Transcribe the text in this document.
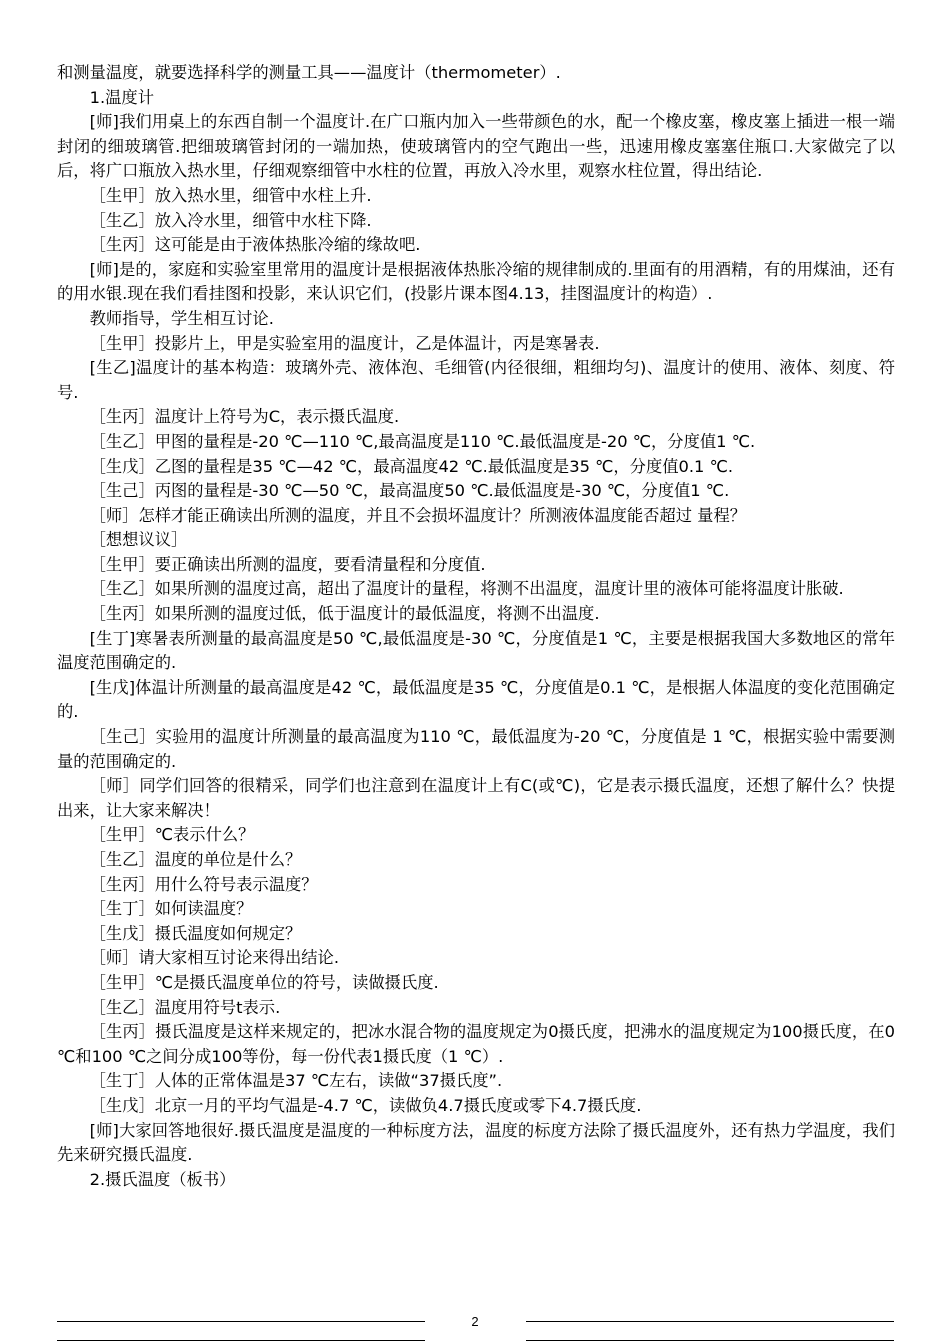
和测量温度，就要选择科学的测量工具——温度计（thermometer）.

1.温度计

[师]我们用桌上的东西自制一个温度计.在广口瓶内加入一些带颜色的水，配一个橡皮塞，橡皮塞上插进一根一端封闭的细玻璃管.把细玻璃管封闭的一端加热，使玻璃管内的空气跑出一些，迅速用橡皮塞塞住瓶口.大家做完了以后，将广口瓶放入热水里，仔细观察细管中水柱的位置，再放入冷水里，观察水柱位置，得出结论.

［生甲］放入热水里，细管中水柱上升.

［生乙］放入冷水里，细管中水柱下降.

［生丙］这可能是由于液体热胀冷缩的缘故吧.

[师]是的，家庭和实验室里常用的温度计是根据液体热胀冷缩的规律制成的.里面有的用酒精，有的用煤油，还有的用水银.现在我们看挂图和投影，来认识它们，(投影片课本图4.13，挂图温度计的构造）.

教师指导，学生相互讨论.

［生甲］投影片上，甲是实验室用的温度计，乙是体温计，丙是寒暑表.

[生乙]温度计的基本构造：玻璃外壳、液体泡、毛细管(内径很细，粗细均匀)、温度计的使用、液体、刻度、符号.

［生丙］温度计上符号为C，表示摄氏温度.

［生乙］甲图的量程是-20 ℃—110 ℃,最高温度是110 ℃.最低温度是-20 ℃，分度值1 ℃.

［生戊］乙图的量程是35 ℃—42 ℃，最高温度42 ℃.最低温度是35 ℃，分度值0.1 ℃.

［生己］丙图的量程是-30 ℃—50 ℃，最高温度50 ℃.最低温度是-30 ℃，分度值1 ℃.

［师］怎样才能正确读出所测的温度，并且不会损坏温度计？所测液体温度能否超过 量程？

［想想议议］

［生甲］要正确读出所测的温度，要看清量程和分度值.

［生乙］如果所测的温度过高，超出了温度计的量程，将测不出温度，温度计里的液体可能将温度计胀破.

［生丙］如果所测的温度过低，低于温度计的最低温度，将测不出温度.

[生丁]寒暑表所测量的最高温度是50 ℃,最低温度是-30 ℃，分度值是1 ℃，主要是根据我国大多数地区的常年温度范围确定的.

[生戊]体温计所测量的最高温度是42 ℃，最低温度是35 ℃，分度值是0.1 ℃，是根据人体温度的变化范围确定的.

［生己］实验用的温度计所测量的最高温度为110 ℃，最低温度为-20 ℃，分度值是 1 ℃，根据实验中需要测量的范围确定的.

［师］同学们回答的很精采，同学们也注意到在温度计上有C(或℃)，它是表示摄氏温度，还想了解什么？快提出来，让大家来解决！

［生甲］℃表示什么？

［生乙］温度的单位是什么？

［生丙］用什么符号表示温度？

［生丁］如何读温度？

［生戊］摄氏温度如何规定？

［师］请大家相互讨论来得出结论.

［生甲］℃是摄氏温度单位的符号，读做摄氏度.

［生乙］温度用符号t表示.

［生丙］摄氏温度是这样来规定的，把冰水混合物的温度规定为0摄氏度，把沸水的温度规定为100摄氏度，在0 ℃和100 ℃之间分成100等份，每一份代表1摄氏度（1 ℃）.

［生丁］人体的正常体温是37 ℃左右，读做“37摄氏度”.

［生戊］北京一月的平均气温是-4.7 ℃，读做负4.7摄氏度或零下4.7摄氏度.

[师]大家回答地很好.摄氏温度是温度的一种标度方法，温度的标度方法除了摄氏温度外，还有热力学温度，我们先来研究摄氏温度.

2.摄氏温度（板书）

2
